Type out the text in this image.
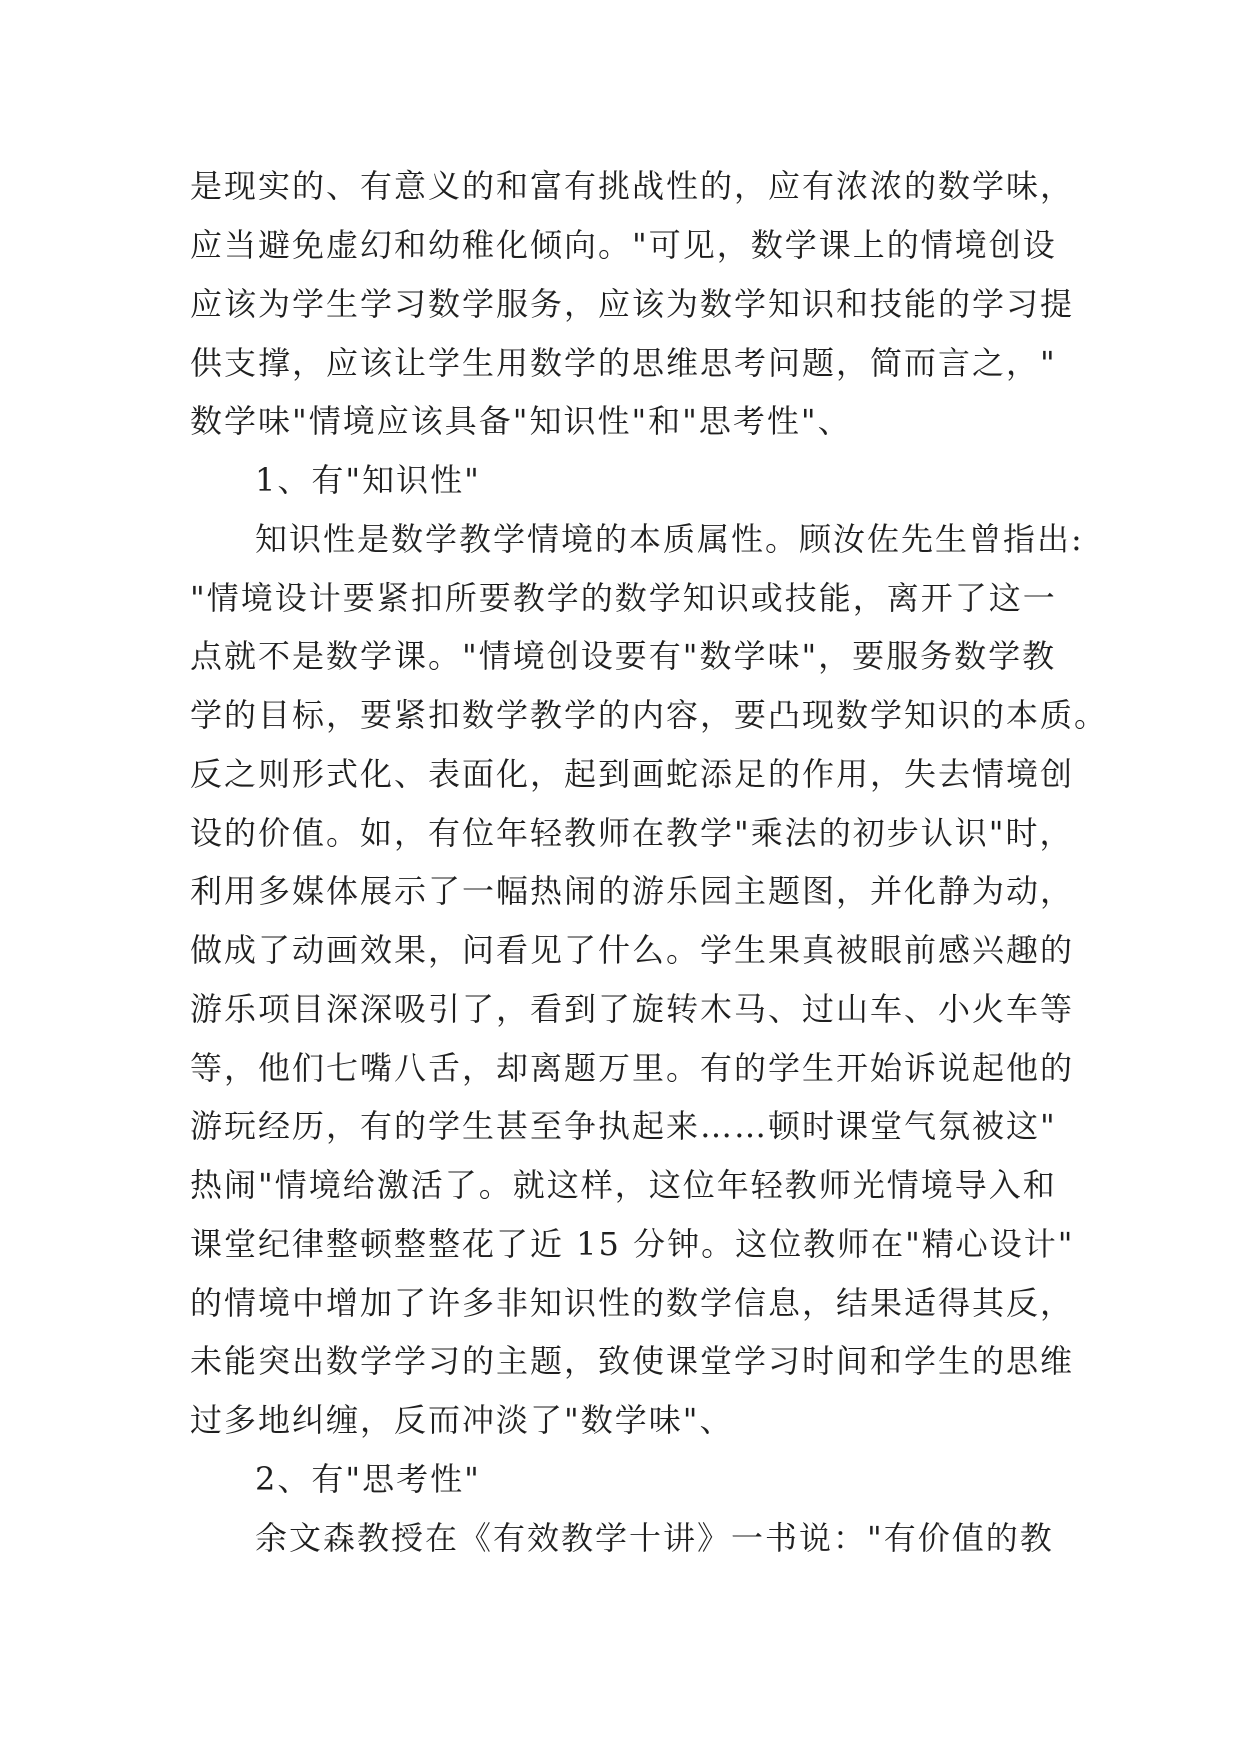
是现实的、有意义的和富有挑战性的，应有浓浓的数学味，
应当避免虚幻和幼稚化倾向。"可见，数学课上的情境创设
应该为学生学习数学服务，应该为数学知识和技能的学习提
供支撑，应该让学生用数学的思维思考问题，简而言之，"
数学味"情境应该具备"知识性"和"思考性"、
1、有"知识性"
知识性是数学教学情境的本质属性。顾汝佐先生曾指出:
"情境设计要紧扣所要教学的数学知识或技能，离开了这一
点就不是数学课。"情境创设要有"数学味"，要服务数学教
学的目标，要紧扣数学教学的内容，要凸现数学知识的本质。
反之则形式化、表面化，起到画蛇添足的作用，失去情境创
设的价值。如，有位年轻教师在教学"乘法的初步认识"时，
利用多媒体展示了一幅热闹的游乐园主题图，并化静为动，
做成了动画效果，问看见了什么。学生果真被眼前感兴趣的
游乐项目深深吸引了，看到了旋转木马、过山车、小火车等
等，他们七嘴八舌，却离题万里。有的学生开始诉说起他的
游玩经历，有的学生甚至争执起来……顿时课堂气氛被这"
热闹"情境给激活了。就这样，这位年轻教师光情境导入和
课堂纪律整顿整整花了近 15 分钟。这位教师在"精心设计"
的情境中增加了许多非知识性的数学信息，结果适得其反，
未能突出数学学习的主题，致使课堂学习时间和学生的思维
过多地纠缠，反而冲淡了"数学味"、
2、有"思考性"
余文森教授在《有效教学十讲》一书说："有价值的教
